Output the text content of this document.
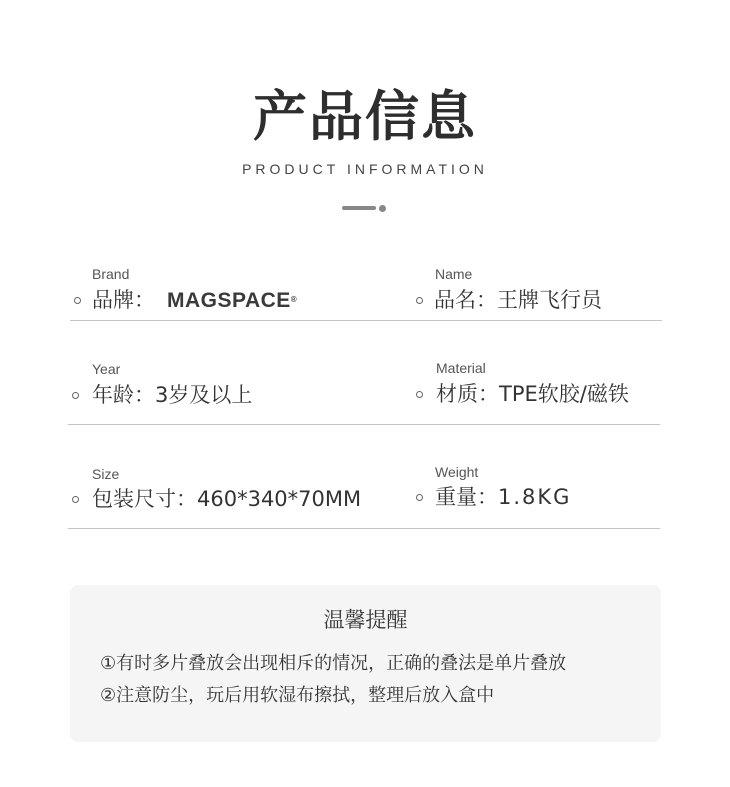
产品信息
PRODUCT INFORMATION
Brand
品牌： MAGSPACE®
Name
品名：王牌飞行员
Year
年龄：3岁及以上
Material
材质：TPE软胶/磁铁
Size
包装尺寸：460*340*70MM
Weight
重量：1.8KG
温馨提醒
①有时多片叠放会出现相斥的情况，正确的叠法是单片叠放
②注意防尘，玩后用软湿布擦拭，整理后放入盒中
